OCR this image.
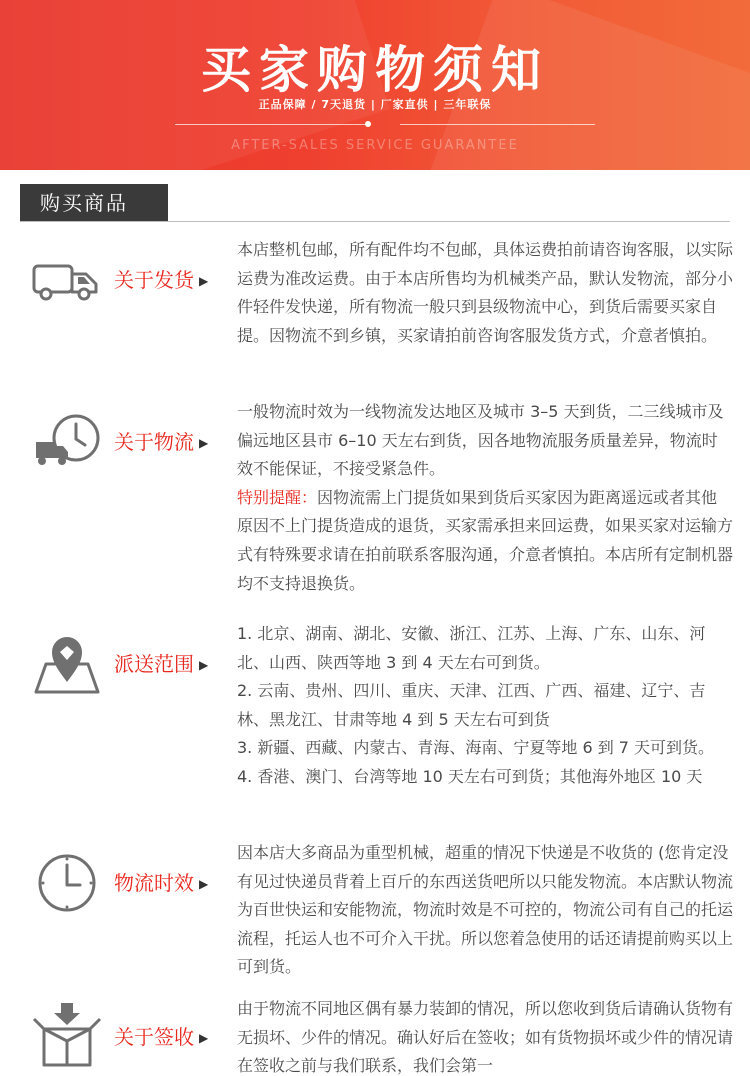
买家购物须知
正品保障 / 7天退货 | 厂家直供 | 三年联保
AFTER-SALES SERVICE GUARANTEE
购买商品
关于发货 ▶

本店整机包邮，所有配件均不包邮，具体运费拍前请咨询客服，以实际运费为准改运费。由于本店所售均为机械类产品，默认发物流，部分小件轻件发快递，所有物流一般只到县级物流中心，到货后需要买家自提。因物流不到乡镇，买家请拍前咨询客服发货方式，介意者慎拍。

关于物流 ▶

一般物流时效为一线物流发达地区及城市 3–5 天到货，二三线城市及偏远地区县市 6–10 天左右到货，因各地物流服务质量差异，物流时效不能保证，不接受紧急件。

特别提醒：因物流需上门提货如果到货后买家因为距离遥远或者其他原因不上门提货造成的退货，买家需承担来回运费，如果买家对运输方式有特殊要求请在拍前联系客服沟通，介意者慎拍。本店所有定制机器均不支持退换货。

派送范围 ▶

1. 北京、湖南、湖北、安徽、浙江、江苏、上海、广东、山东、河北、山西、陕西等地 3 到 4 天左右可到货。

2. 云南、贵州、四川、重庆、天津、江西、广西、福建、辽宁、吉林、黑龙江、甘肃等地 4 到 5 天左右可到货

3. 新疆、西藏、内蒙古、青海、海南、宁夏等地 6 到 7 天可到货。

4. 香港、澳门、台湾等地 10 天左右可到货；其他海外地区 10 天

物流时效 ▶

因本店大多商品为重型机械，超重的情况下快递是不收货的 (您肯定没有见过快递员背着上百斤的东西送货吧所以只能发物流。本店默认物流为百世快运和安能物流，物流时效是不可控的，物流公司有自己的托运流程，托运人也不可介入干扰。所以您着急使用的话还请提前购买以上可到货。

关于签收 ▶

由于物流不同地区偶有暴力装卸的情况，所以您收到货后请确认货物有无损坏、少件的情况。确认好后在签收；如有货物损坏或少件的情况请在签收之前与我们联系，我们会第一
